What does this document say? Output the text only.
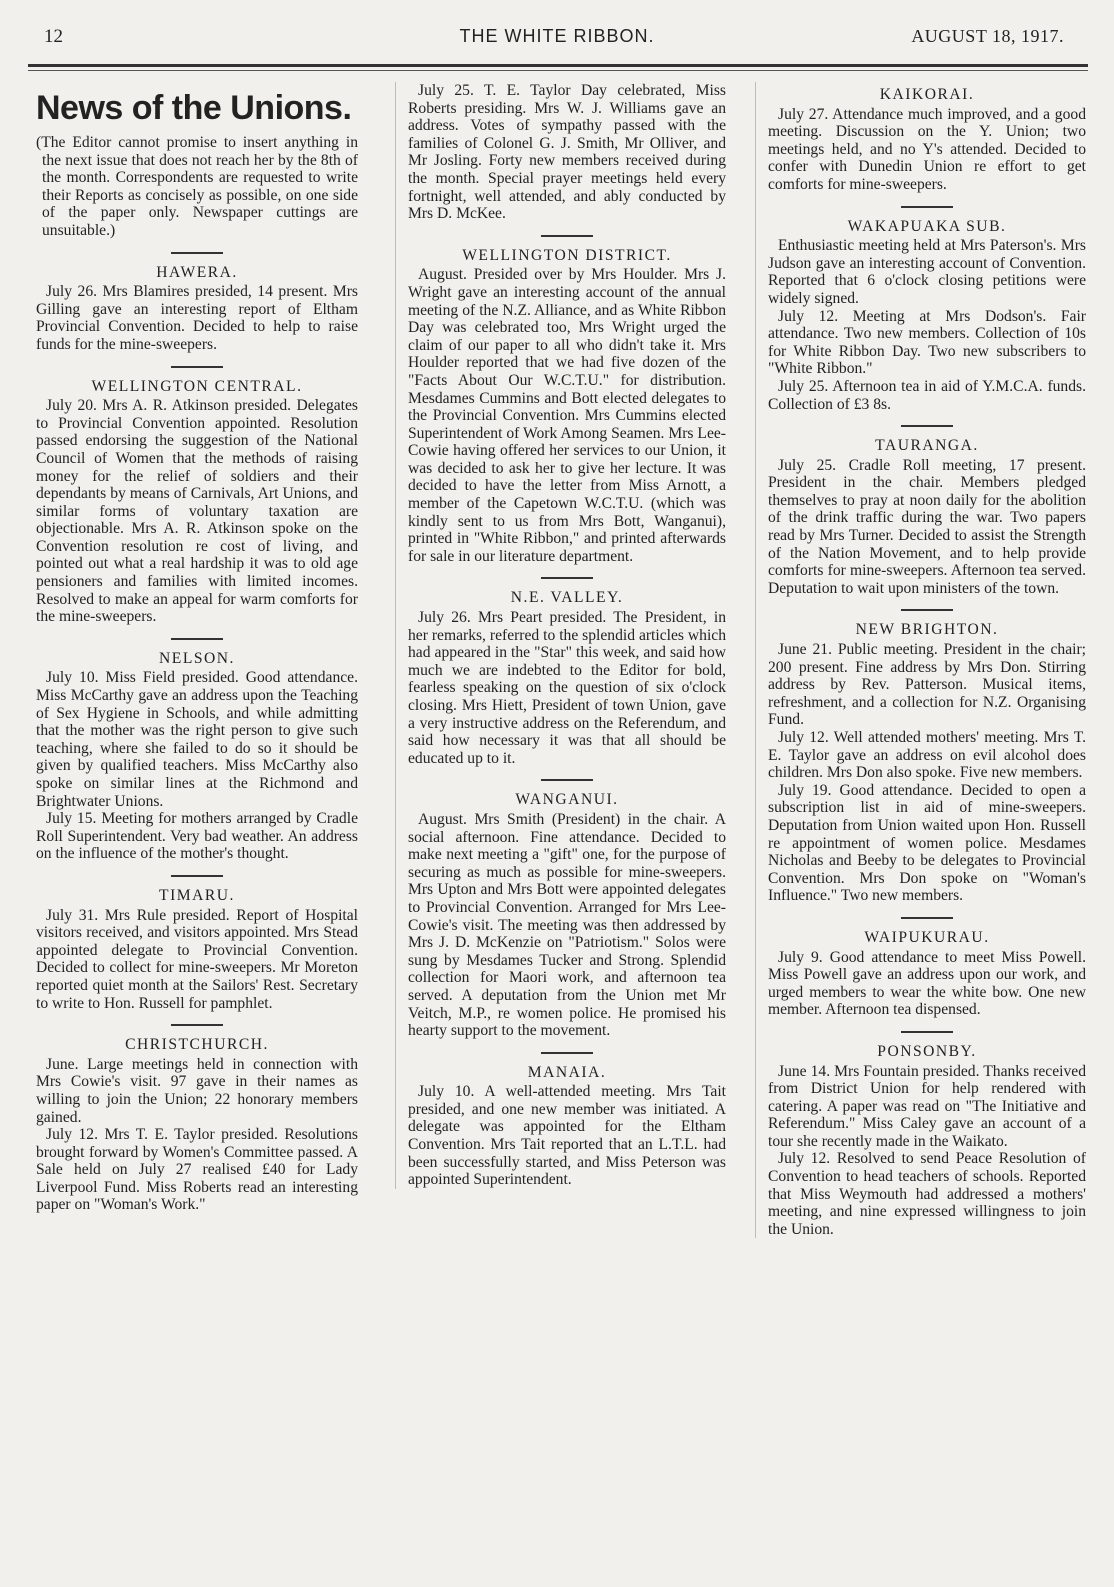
12	THE WHITE RIBBON.	AUGUST 18, 1917.
News of the Unions.
(The Editor cannot promise to insert anything in the next issue that does not reach her by the 8th of the month. Correspondents are requested to write their Reports as concisely as possible, on one side of the paper only. Newspaper cuttings are unsuitable.)
HAWERA.

July 26. Mrs Blamires presided, 14 present. Mrs Gilling gave an interesting report of Eltham Provincial Convention. Decided to help to raise funds for the mine-sweepers.

WELLINGTON CENTRAL.

July 20. Mrs A. R. Atkinson presided. Delegates to Provincial Convention appointed. Resolution passed endorsing the suggestion of the National Council of Women that the methods of raising money for the relief of soldiers and their dependants by means of Carnivals, Art Unions, and similar forms of voluntary taxation are objectionable. Mrs A. R. Atkinson spoke on the Convention resolution re cost of living, and pointed out what a real hardship it was to old age pensioners and families with limited incomes. Resolved to make an appeal for warm comforts for the mine-sweepers.

NELSON.

July 10. Miss Field presided. Good attendance. Miss McCarthy gave an address upon the Teaching of Sex Hygiene in Schools, and while admitting that the mother was the right person to give such teaching, where she failed to do so it should be given by qualified teachers. Miss McCarthy also spoke on similar lines at the Richmond and Brightwater Unions.

July 15. Meeting for mothers arranged by Cradle Roll Superintendent. Very bad weather. An address on the influence of the mother's thought.

TIMARU.

July 31. Mrs Rule presided. Report of Hospital visitors received, and visitors appointed. Mrs Stead appointed delegate to Provincial Convention. Decided to collect for mine-sweepers. Mr Moreton reported quiet month at the Sailors' Rest. Secretary to write to Hon. Russell for pamphlet.

CHRISTCHURCH.

June. Large meetings held in connection with Mrs Cowie's visit. 97 gave in their names as willing to join the Union; 22 honorary members gained.

July 12. Mrs T. E. Taylor presided. Resolutions brought forward by Women's Committee passed. A Sale held on July 27 realised £40 for Lady Liverpool Fund. Miss Roberts read an interesting paper on "Woman's Work."

July 25. T. E. Taylor Day celebrated, Miss Roberts presiding. Mrs W. J. Williams gave an address. Votes of sympathy passed with the families of Colonel G. J. Smith, Mr Olliver, and Mr Josling. Forty new members received during the month. Special prayer meetings held every fortnight, well attended, and ably conducted by Mrs D. McKee.

WELLINGTON DISTRICT.

August. Presided over by Mrs Houlder. Mrs J. Wright gave an interesting account of the annual meeting of the N.Z. Alliance, and as White Ribbon Day was celebrated too, Mrs Wright urged the claim of our paper to all who didn't take it. Mrs Houlder reported that we had five dozen of the "Facts About Our W.C.T.U." for distribution. Mesdames Cummins and Bott elected delegates to the Provincial Convention. Mrs Cummins elected Superintendent of Work Among Seamen. Mrs Lee-Cowie having offered her services to our Union, it was decided to ask her to give her lecture. It was decided to have the letter from Miss Arnott, a member of the Capetown W.C.T.U. (which was kindly sent to us from Mrs Bott, Wanganui), printed in "White Ribbon," and printed afterwards for sale in our literature department.

N.E. VALLEY.

July 26. Mrs Peart presided. The President, in her remarks, referred to the splendid articles which had appeared in the "Star" this week, and said how much we are indebted to the Editor for bold, fearless speaking on the question of six o'clock closing. Mrs Hiett, President of town Union, gave a very instructive address on the Referendum, and said how necessary it was that all should be educated up to it.

WANGANUI.

August. Mrs Smith (President) in the chair. A social afternoon. Fine attendance. Decided to make next meeting a "gift" one, for the purpose of securing as much as possible for mine-sweepers. Mrs Upton and Mrs Bott were appointed delegates to Provincial Convention. Arranged for Mrs Lee-Cowie's visit. The meeting was then addressed by Mrs J. D. McKenzie on "Patriotism." Solos were sung by Mesdames Tucker and Strong. Splendid collection for Maori work, and afternoon tea served. A deputation from the Union met Mr Veitch, M.P., re women police. He promised his hearty support to the movement.

MANAIA.

July 10. A well-attended meeting. Mrs Tait presided, and one new member was initiated. A delegate was appointed for the Eltham Convention. Mrs Tait reported that an L.T.L. had been successfully started, and Miss Peterson was appointed Superintendent.

KAIKORAI.

July 27. Attendance much improved, and a good meeting. Discussion on the Y. Union; two meetings held, and no Y's attended. Decided to confer with Dunedin Union re effort to get comforts for mine-sweepers.

WAKAPUAKA SUB.

Enthusiastic meeting held at Mrs Paterson's. Mrs Judson gave an interesting account of Convention. Reported that 6 o'clock closing petitions were widely signed.

July 12. Meeting at Mrs Dodson's. Fair attendance. Two new members. Collection of 10s for White Ribbon Day. Two new subscribers to "White Ribbon."

July 25. Afternoon tea in aid of Y.M.C.A. funds. Collection of £3 8s.

TAURANGA.

July 25. Cradle Roll meeting, 17 present. President in the chair. Members pledged themselves to pray at noon daily for the abolition of the drink traffic during the war. Two papers read by Mrs Turner. Decided to assist the Strength of the Nation Movement, and to help provide comforts for mine-sweepers. Afternoon tea served. Deputation to wait upon ministers of the town.

NEW BRIGHTON.

June 21. Public meeting. President in the chair; 200 present. Fine address by Mrs Don. Stirring address by Rev. Patterson. Musical items, refreshment, and a collection for N.Z. Organising Fund.

July 12. Well attended mothers' meeting. Mrs T. E. Taylor gave an address on evil alcohol does children. Mrs Don also spoke. Five new members.

July 19. Good attendance. Decided to open a subscription list in aid of mine-sweepers. Deputation from Union waited upon Hon. Russell re appointment of women police. Mesdames Nicholas and Beeby to be delegates to Provincial Convention. Mrs Don spoke on "Woman's Influence." Two new members.

WAIPUKURAU.

July 9. Good attendance to meet Miss Powell. Miss Powell gave an address upon our work, and urged members to wear the white bow. One new member. Afternoon tea dispensed.

PONSONBY.

June 14. Mrs Fountain presided. Thanks received from District Union for help rendered with catering. A paper was read on "The Initiative and Referendum." Miss Caley gave an account of a tour she recently made in the Waikato.

July 12. Resolved to send Peace Resolution of Convention to head teachers of schools. Reported that Miss Weymouth had addressed a mothers' meeting, and nine expressed willingness to join the Union.
